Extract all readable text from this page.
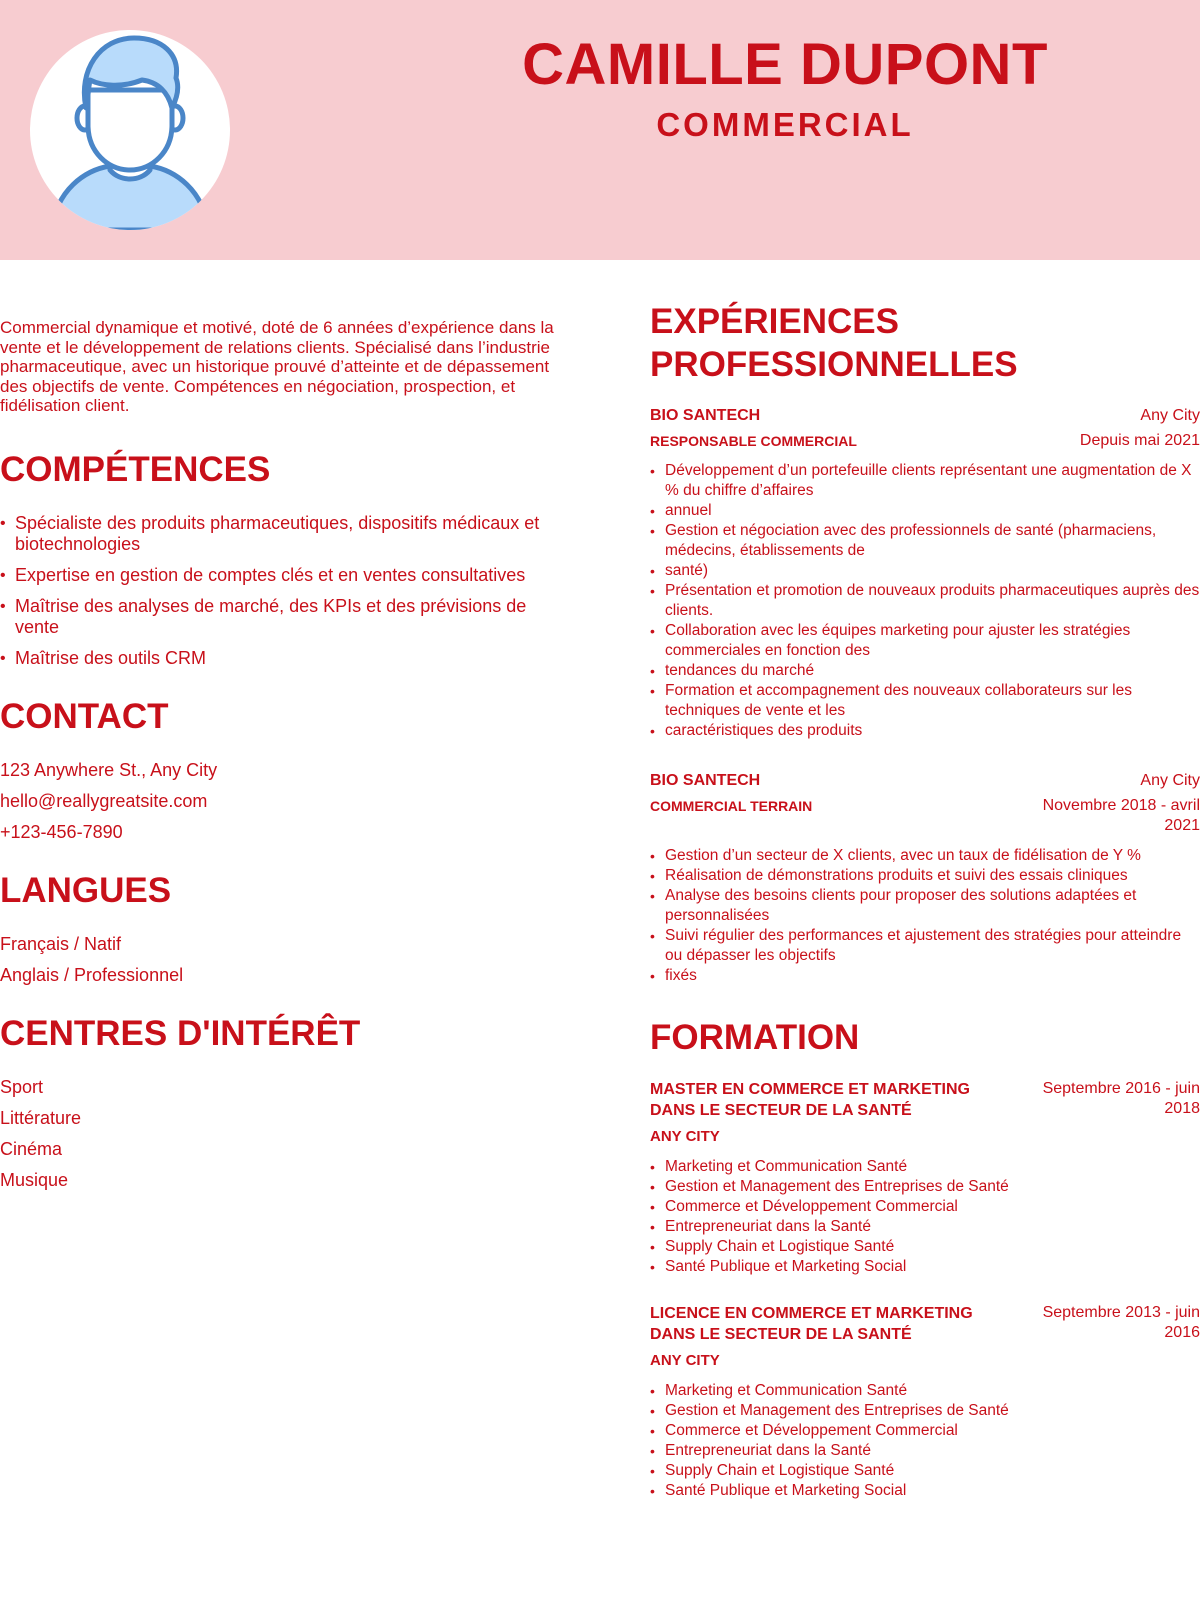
CAMILLE DUPONT
COMMERCIAL

Commercial dynamique et motivé, doté de 6 années d’expérience dans la vente et le développement de relations clients. Spécialisé dans l’industrie pharmaceutique, avec un historique prouvé d’atteinte et de dépassement des objectifs de vente. Compétences en négociation, prospection, et fidélisation client.

COMPÉTENCES
• Spécialiste des produits pharmaceutiques, dispositifs médicaux et biotechnologies
• Expertise en gestion de comptes clés et en ventes consultatives
• Maîtrise des analyses de marché, des KPIs et des prévisions de vente
• Maîtrise des outils CRM
CONTACT
123 Anywhere St., Any City
hello@reallygreatsite.com
+123-456-7890
LANGUES
Français / Natif
Anglais / Professionnel
CENTRES D'INTÉRÊT
Sport
Littérature
Cinéma
Musique
EXPÉRIENCES
PROFESSIONNELLES
BIO SANTECH	Any City
RESPONSABLE COMMERCIAL	Depuis mai 2021
• Développement d’un portefeuille clients représentant une augmentation de X % du chiffre d’affaires
• annuel
• Gestion et négociation avec des professionnels de santé (pharmaciens, médecins, établissements de
• santé)
• Présentation et promotion de nouveaux produits pharmaceutiques auprès des clients.
• Collaboration avec les équipes marketing pour ajuster les stratégies commerciales en fonction des
• tendances du marché
• Formation et accompagnement des nouveaux collaborateurs sur les techniques de vente et les
• caractéristiques des produits
BIO SANTECH	Any City
COMMERCIAL TERRAIN	Novembre 2018 - avril 2021
• Gestion d’un secteur de X clients, avec un taux de fidélisation de Y %
• Réalisation de démonstrations produits et suivi des essais cliniques
• Analyse des besoins clients pour proposer des solutions adaptées et personnalisées
• Suivi régulier des performances et ajustement des stratégies pour atteindre ou dépasser les objectifs
• fixés
FORMATION
MASTER EN COMMERCE ET MARKETING DANS LE SECTEUR DE LA SANTÉ
Septembre 2016 - juin 2018
ANY CITY
• Marketing et Communication Santé
• Gestion et Management des Entreprises de Santé
• Commerce et Développement Commercial
• Entrepreneuriat dans la Santé
• Supply Chain et Logistique Santé
• Santé Publique et Marketing Social
LICENCE EN COMMERCE ET MARKETING DANS LE SECTEUR DE LA SANTÉ
Septembre 2013 - juin 2016
ANY CITY
• Marketing et Communication Santé
• Gestion et Management des Entreprises de Santé
• Commerce et Développement Commercial
• Entrepreneuriat dans la Santé
• Supply Chain et Logistique Santé
• Santé Publique et Marketing Social
